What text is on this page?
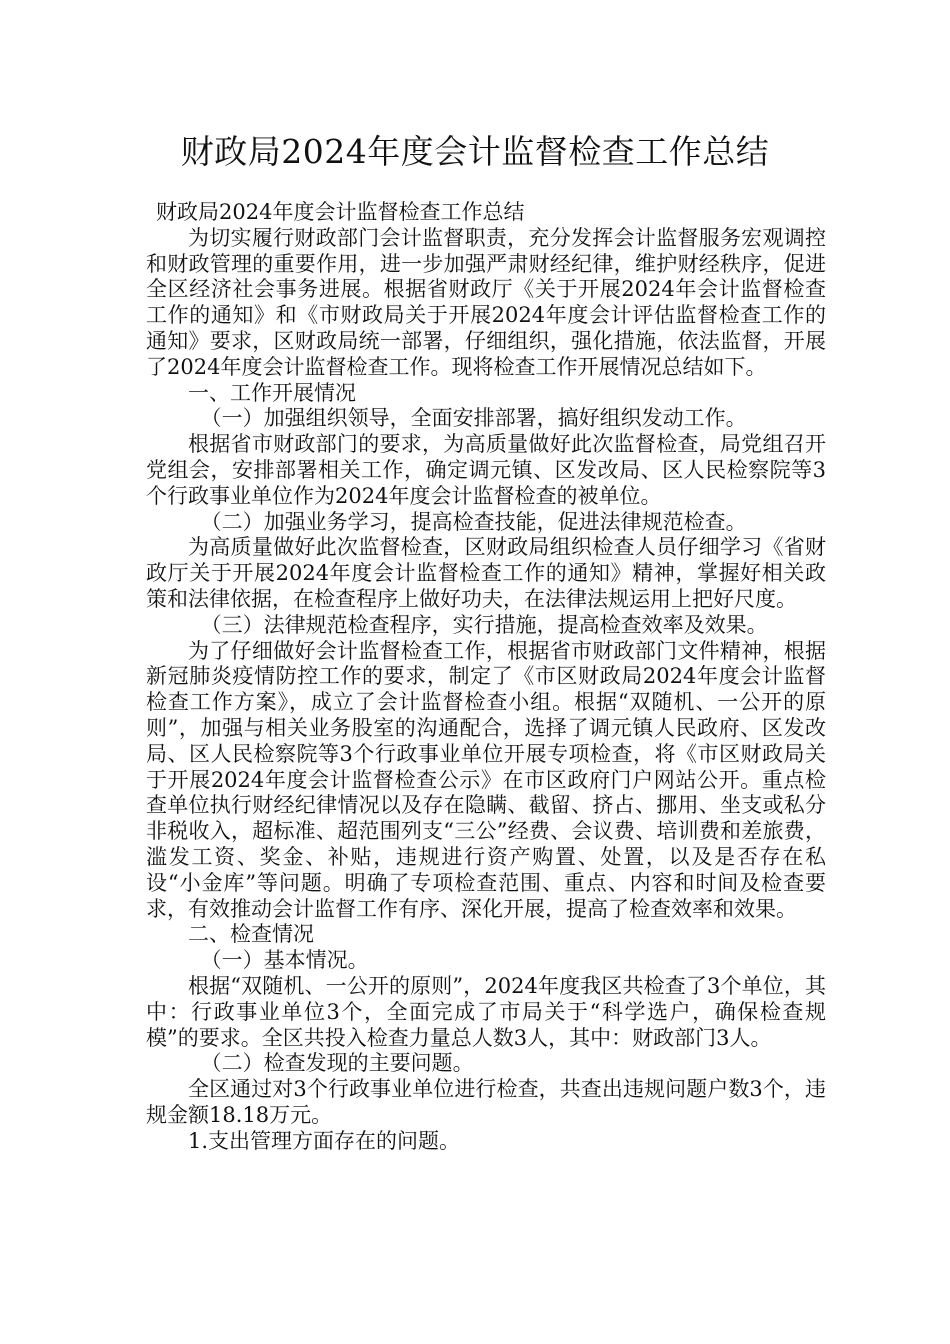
财政局2024年度会计监督检查工作总结

财政局2024年度会计监督检查工作总结

为切实履行财政部门会计监督职责，充分发挥会计监督服务宏观调控和财政管理的重要作用，进一步加强严肃财经纪律，维护财经秩序，促进全区经济社会事务进展。根据省财政厅《关于开展2024年会计监督检查工作的通知》和《市财政局关于开展2024年度会计评估监督检查工作的通知》要求，区财政局统一部署，仔细组织，强化措施，依法监督，开展了2024年度会计监督检查工作。现将检查工作开展情况总结如下。

一、工作开展情况

（一）加强组织领导，全面安排部署，搞好组织发动工作。

根据省市财政部门的要求，为高质量做好此次监督检查，局党组召开党组会，安排部署相关工作，确定调元镇、区发改局、区人民检察院等3个行政事业单位作为2024年度会计监督检查的被单位。

（二）加强业务学习，提高检查技能，促进法律规范检查。

为高质量做好此次监督检查，区财政局组织检查人员仔细学习《省财政厅关于开展2024年度会计监督检查工作的通知》精神，掌握好相关政策和法律依据，在检查程序上做好功夫，在法律法规运用上把好尺度。

（三）法律规范检查程序，实行措施，提高检查效率及效果。

为了仔细做好会计监督检查工作，根据省市财政部门文件精神，根据新冠肺炎疫情防控工作的要求，制定了《市区财政局2024年度会计监督检查工作方案》，成立了会计监督检查小组。根据“双随机、一公开的原则”，加强与相关业务股室的沟通配合，选择了调元镇人民政府、区发改局、区人民检察院等3个行政事业单位开展专项检查，将《市区财政局关于开展2024年度会计监督检查公示》在市区政府门户网站公开。重点检查单位执行财经纪律情况以及存在隐瞒、截留、挤占、挪用、坐支或私分非税收入，超标准、超范围列支“三公”经费、会议费、培训费和差旅费，滥发工资、奖金、补贴，违规进行资产购置、处置，以及是否存在私设“小金库”等问题。明确了专项检查范围、重点、内容和时间及检查要求，有效推动会计监督工作有序、深化开展，提高了检查效率和效果。

二、检查情况

（一）基本情况。

根据“双随机、一公开的原则”，2024年度我区共检查了3个单位，其中：行政事业单位3个，全面完成了市局关于“科学选户，确保检查规模”的要求。全区共投入检查力量总人数3人，其中：财政部门3人。

（二）检查发现的主要问题。

全区通过对3个行政事业单位进行检查，共查出违规问题户数3个，违规金额18.18万元。

1.支出管理方面存在的问题。
